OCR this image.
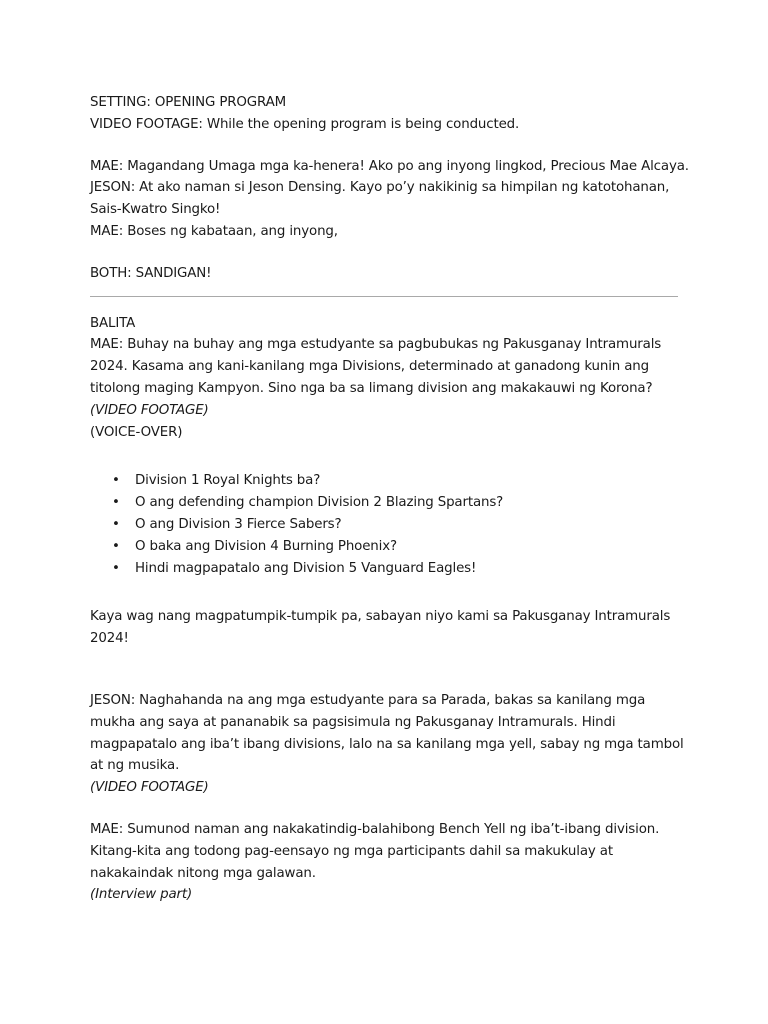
SETTING: OPENING PROGRAM
VIDEO FOOTAGE: While the opening program is being conducted.
MAE: Magandang Umaga mga ka-henera! Ako po ang inyong lingkod, Precious Mae Alcaya.
JESON: At ako naman si Jeson Densing. Kayo po’y nakikinig sa himpilan ng katotohanan,
Sais-Kwatro Singko!
MAE: Boses ng kabataan, ang inyong,
BOTH: SANDIGAN!
BALITA
MAE: Buhay na buhay ang mga estudyante sa pagbubukas ng Pakusganay Intramurals
2024. Kasama ang kani-kanilang mga Divisions, determinado at ganadong kunin ang
titolong maging Kampyon. Sino nga ba sa limang division ang makakauwi ng Korona?
(VIDEO FOOTAGE)
(VOICE-OVER)
• Division 1 Royal Knights ba?
• O ang defending champion Division 2 Blazing Spartans?
• O ang Division 3 Fierce Sabers?
• O baka ang Division 4 Burning Phoenix?
• Hindi magpapatalo ang Division 5 Vanguard Eagles!
Kaya wag nang magpatumpik-tumpik pa, sabayan niyo kami sa Pakusganay Intramurals
2024!
JESON: Naghahanda na ang mga estudyante para sa Parada, bakas sa kanilang mga
mukha ang saya at pananabik sa pagsisimula ng Pakusganay Intramurals. Hindi
magpapatalo ang iba’t ibang divisions, lalo na sa kanilang mga yell, sabay ng mga tambol
at ng musika.
(VIDEO FOOTAGE)
MAE: Sumunod naman ang nakakatindig-balahibong Bench Yell ng iba’t-ibang division.
Kitang-kita ang todong pag-eensayo ng mga participants dahil sa makukulay at
nakakaindak nitong mga galawan.
(Interview part)
